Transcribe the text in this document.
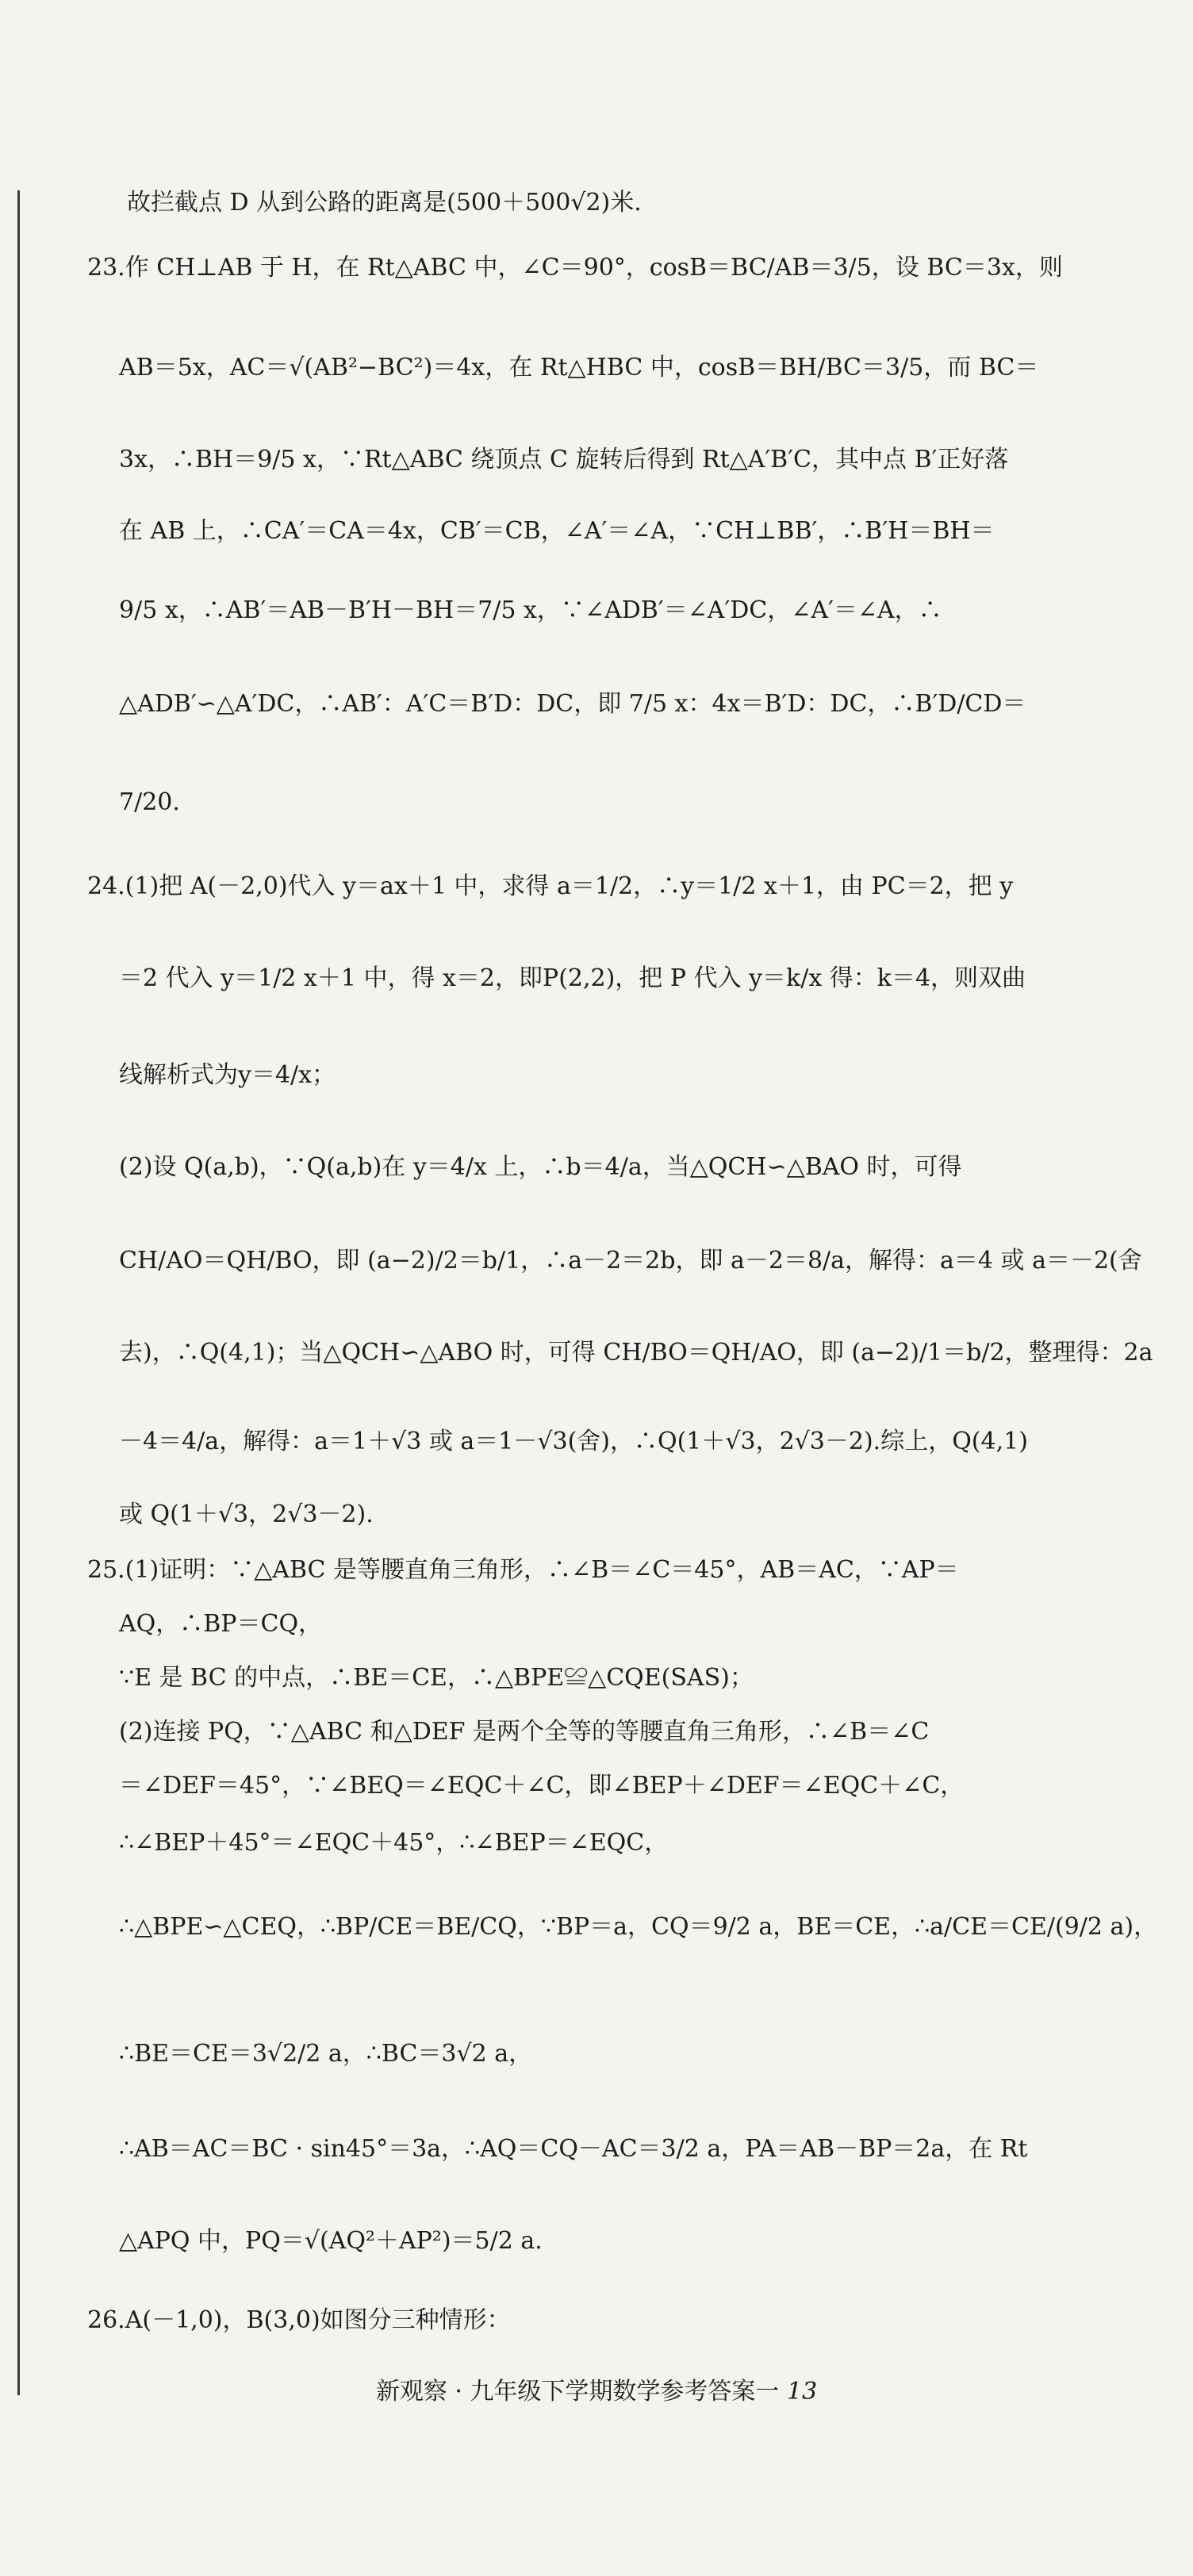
故拦截点 D 从到公路的距离是(500＋500√2)米.
23.作 CH⊥AB 于 H，在 Rt△ABC 中，∠C＝90°，cosB＝BC/AB＝3/5，设 BC＝3x，则
AB＝5x，AC＝√(AB²−BC²)＝4x，在 Rt△HBC 中，cosB＝BH/BC＝3/5，而 BC＝
3x，∴BH＝9/5 x，∵Rt△ABC 绕顶点 C 旋转后得到 Rt△A′B′C，其中点 B′正好落
在 AB 上，∴CA′＝CA＝4x，CB′＝CB，∠A′＝∠A，∵CH⊥BB′，∴B′H＝BH＝
9/5 x，∴AB′＝AB－B′H－BH＝7/5 x，∵∠ADB′＝∠A′DC，∠A′＝∠A，∴
△ADB′∽△A′DC，∴AB′：A′C＝B′D：DC，即 7/5 x：4x＝B′D：DC，∴B′D/CD＝
7/20.
24.(1)把 A(－2,0)代入 y＝ax＋1 中，求得 a＝1/2，∴y＝1/2 x＋1，由 PC＝2，把 y
＝2 代入 y＝1/2 x＋1 中，得 x＝2，即P(2,2)，把 P 代入 y＝k/x 得：k＝4，则双曲
线解析式为y＝4/x；
(2)设 Q(a,b)，∵Q(a,b)在 y＝4/x 上，∴b＝4/a，当△QCH∽△BAO 时，可得
CH/AO＝QH/BO，即 (a−2)/2＝b/1，∴a－2＝2b，即 a－2＝8/a，解得：a＝4 或 a＝－2(舍
去)，∴Q(4,1)；当△QCH∽△ABO 时，可得 CH/BO＝QH/AO，即 (a−2)/1＝b/2，整理得：2a
－4＝4/a，解得：a＝1＋√3 或 a＝1－√3(舍)，∴Q(1＋√3，2√3－2).综上，Q(4,1)
或 Q(1＋√3，2√3－2).
25.(1)证明：∵△ABC 是等腰直角三角形，∴∠B＝∠C＝45°，AB＝AC，∵AP＝
AQ，∴BP＝CQ，
∵E 是 BC 的中点，∴BE＝CE，∴△BPE≌△CQE(SAS)；
(2)连接 PQ，∵△ABC 和△DEF 是两个全等的等腰直角三角形，∴∠B＝∠C
＝∠DEF＝45°，∵∠BEQ＝∠EQC＋∠C，即∠BEP＋∠DEF＝∠EQC＋∠C，
∴∠BEP＋45°＝∠EQC＋45°，∴∠BEP＝∠EQC，
∴△BPE∽△CEQ，∴BP/CE＝BE/CQ，∵BP＝a，CQ＝9/2 a，BE＝CE，∴a/CE＝CE/(9/2 a)，
∴BE＝CE＝3√2/2 a，∴BC＝3√2 a，
∴AB＝AC＝BC · sin45°＝3a，∴AQ＝CQ－AC＝3/2 a，PA＝AB－BP＝2a，在 Rt
△APQ 中，PQ＝√(AQ²＋AP²)＝5/2 a.
26.A(－1,0)，B(3,0)如图分三种情形：
新观察 · 九年级下学期数学参考答案一 13
